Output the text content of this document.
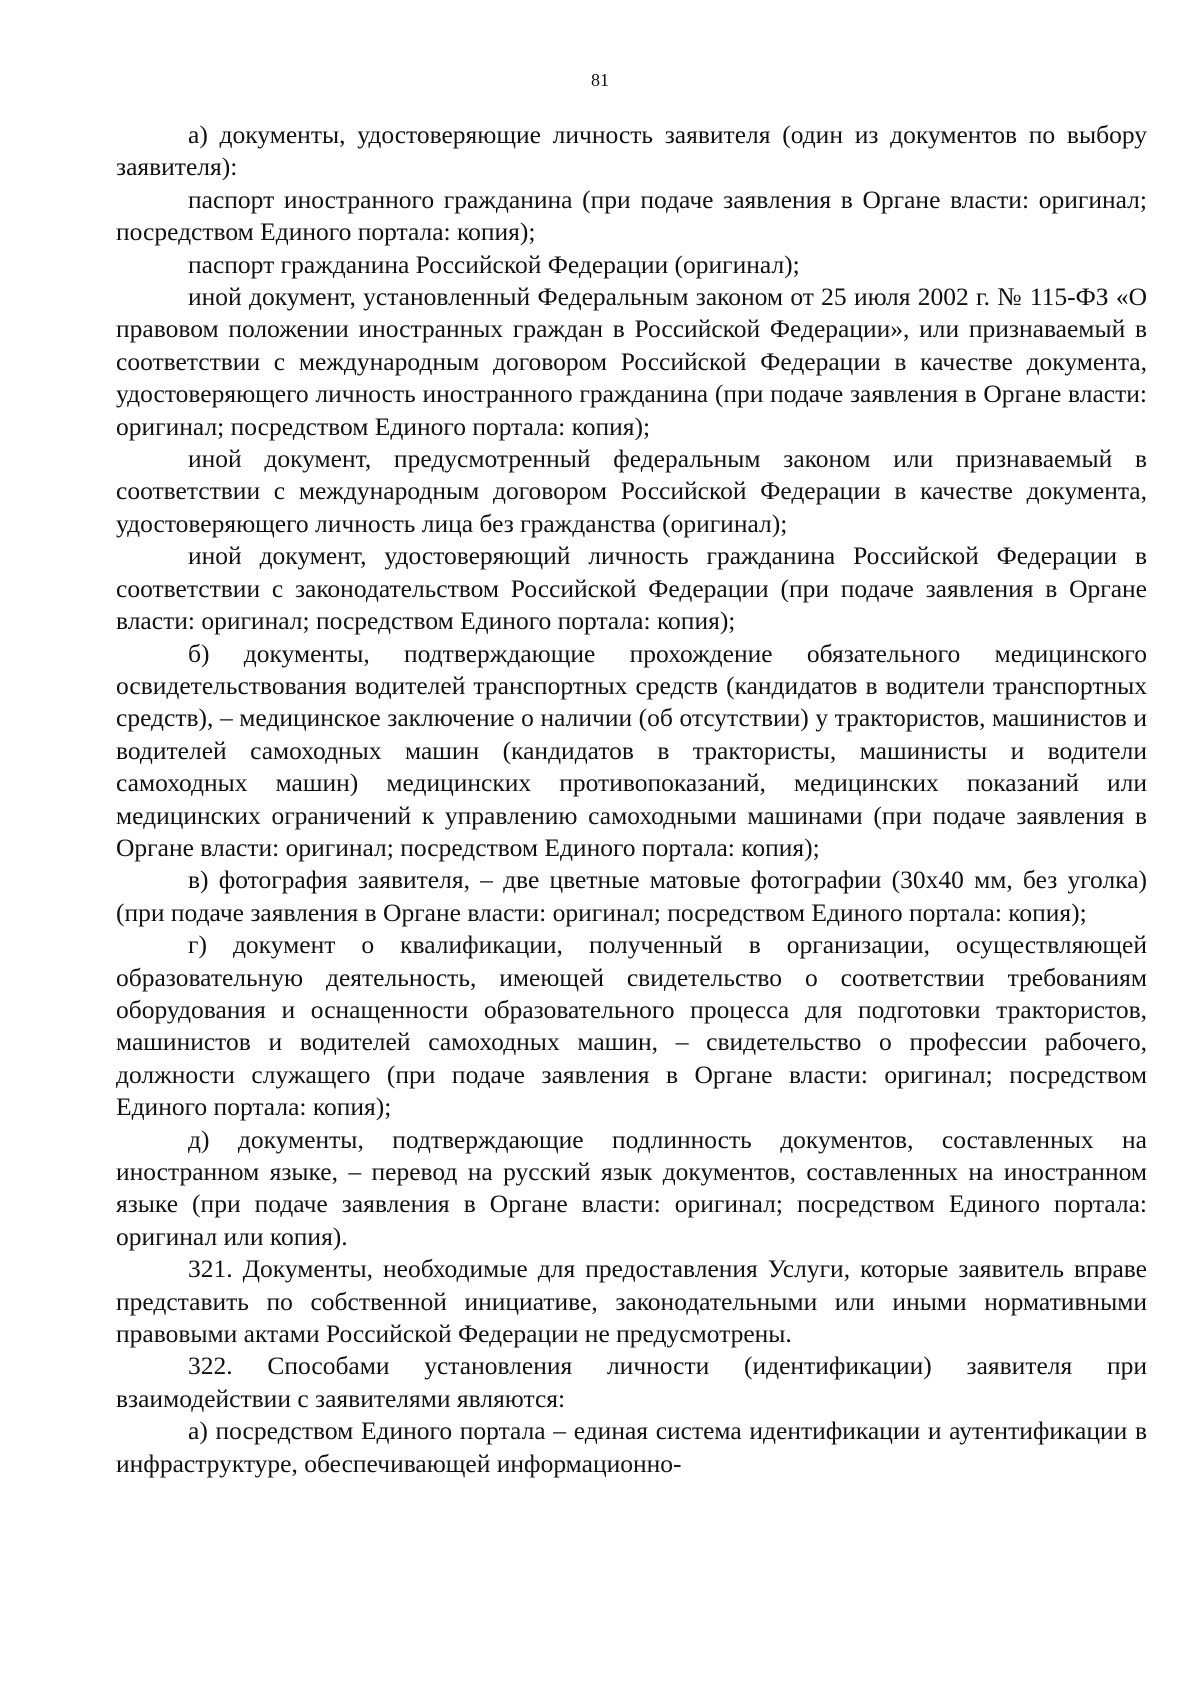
81

а) документы, удостоверяющие личность заявителя (один из документов по выбору заявителя):

паспорт иностранного гражданина (при подаче заявления в Органе власти: оригинал; посредством Единого портала: копия);

паспорт гражданина Российской Федерации (оригинал);

иной документ, установленный Федеральным законом от 25 июля 2002 г. № 115-ФЗ «О правовом положении иностранных граждан в Российской Федерации», или признаваемый в соответствии с международным договором Российской Федерации в качестве документа, удостоверяющего личность иностранного гражданина (при подаче заявления в Органе власти: оригинал; посредством Единого портала: копия);

иной документ, предусмотренный федеральным законом или признаваемый в соответствии с международным договором Российской Федерации в качестве документа, удостоверяющего личность лица без гражданства (оригинал);

иной документ, удостоверяющий личность гражданина Российской Федерации в соответствии с законодательством Российской Федерации (при подаче заявления в Органе власти: оригинал; посредством Единого портала: копия);

б) документы, подтверждающие прохождение обязательного медицинского освидетельствования водителей транспортных средств (кандидатов в водители транспортных средств), – медицинское заключение о наличии (об отсутствии) у трактористов, машинистов и водителей самоходных машин (кандидатов в трактористы, машинисты и водители самоходных машин) медицинских противопоказаний, медицинских показаний или медицинских ограничений к управлению самоходными машинами (при подаче заявления в Органе власти: оригинал; посредством Единого портала: копия);

в) фотография заявителя, – две цветные матовые фотографии (30х40 мм, без уголка) (при подаче заявления в Органе власти: оригинал; посредством Единого портала: копия);

г) документ о квалификации, полученный в организации, осуществляющей образовательную деятельность, имеющей свидетельство о соответствии требованиям оборудования и оснащенности образовательного процесса для подготовки трактористов, машинистов и водителей самоходных машин, – свидетельство о профессии рабочего, должности служащего (при подаче заявления в Органе власти: оригинал; посредством Единого портала: копия);

д) документы, подтверждающие подлинность документов, составленных на иностранном языке, – перевод на русский язык документов, составленных на иностранном языке (при подаче заявления в Органе власти: оригинал; посредством Единого портала: оригинал или копия).

321. Документы, необходимые для предоставления Услуги, которые заявитель вправе представить по собственной инициативе, законодательными или иными нормативными правовыми актами Российской Федерации не предусмотрены.

322. Способами установления личности (идентификации) заявителя при взаимодействии с заявителями являются:

а) посредством Единого портала – единая система идентификации и аутентификации в инфраструктуре, обеспечивающей информационно-
